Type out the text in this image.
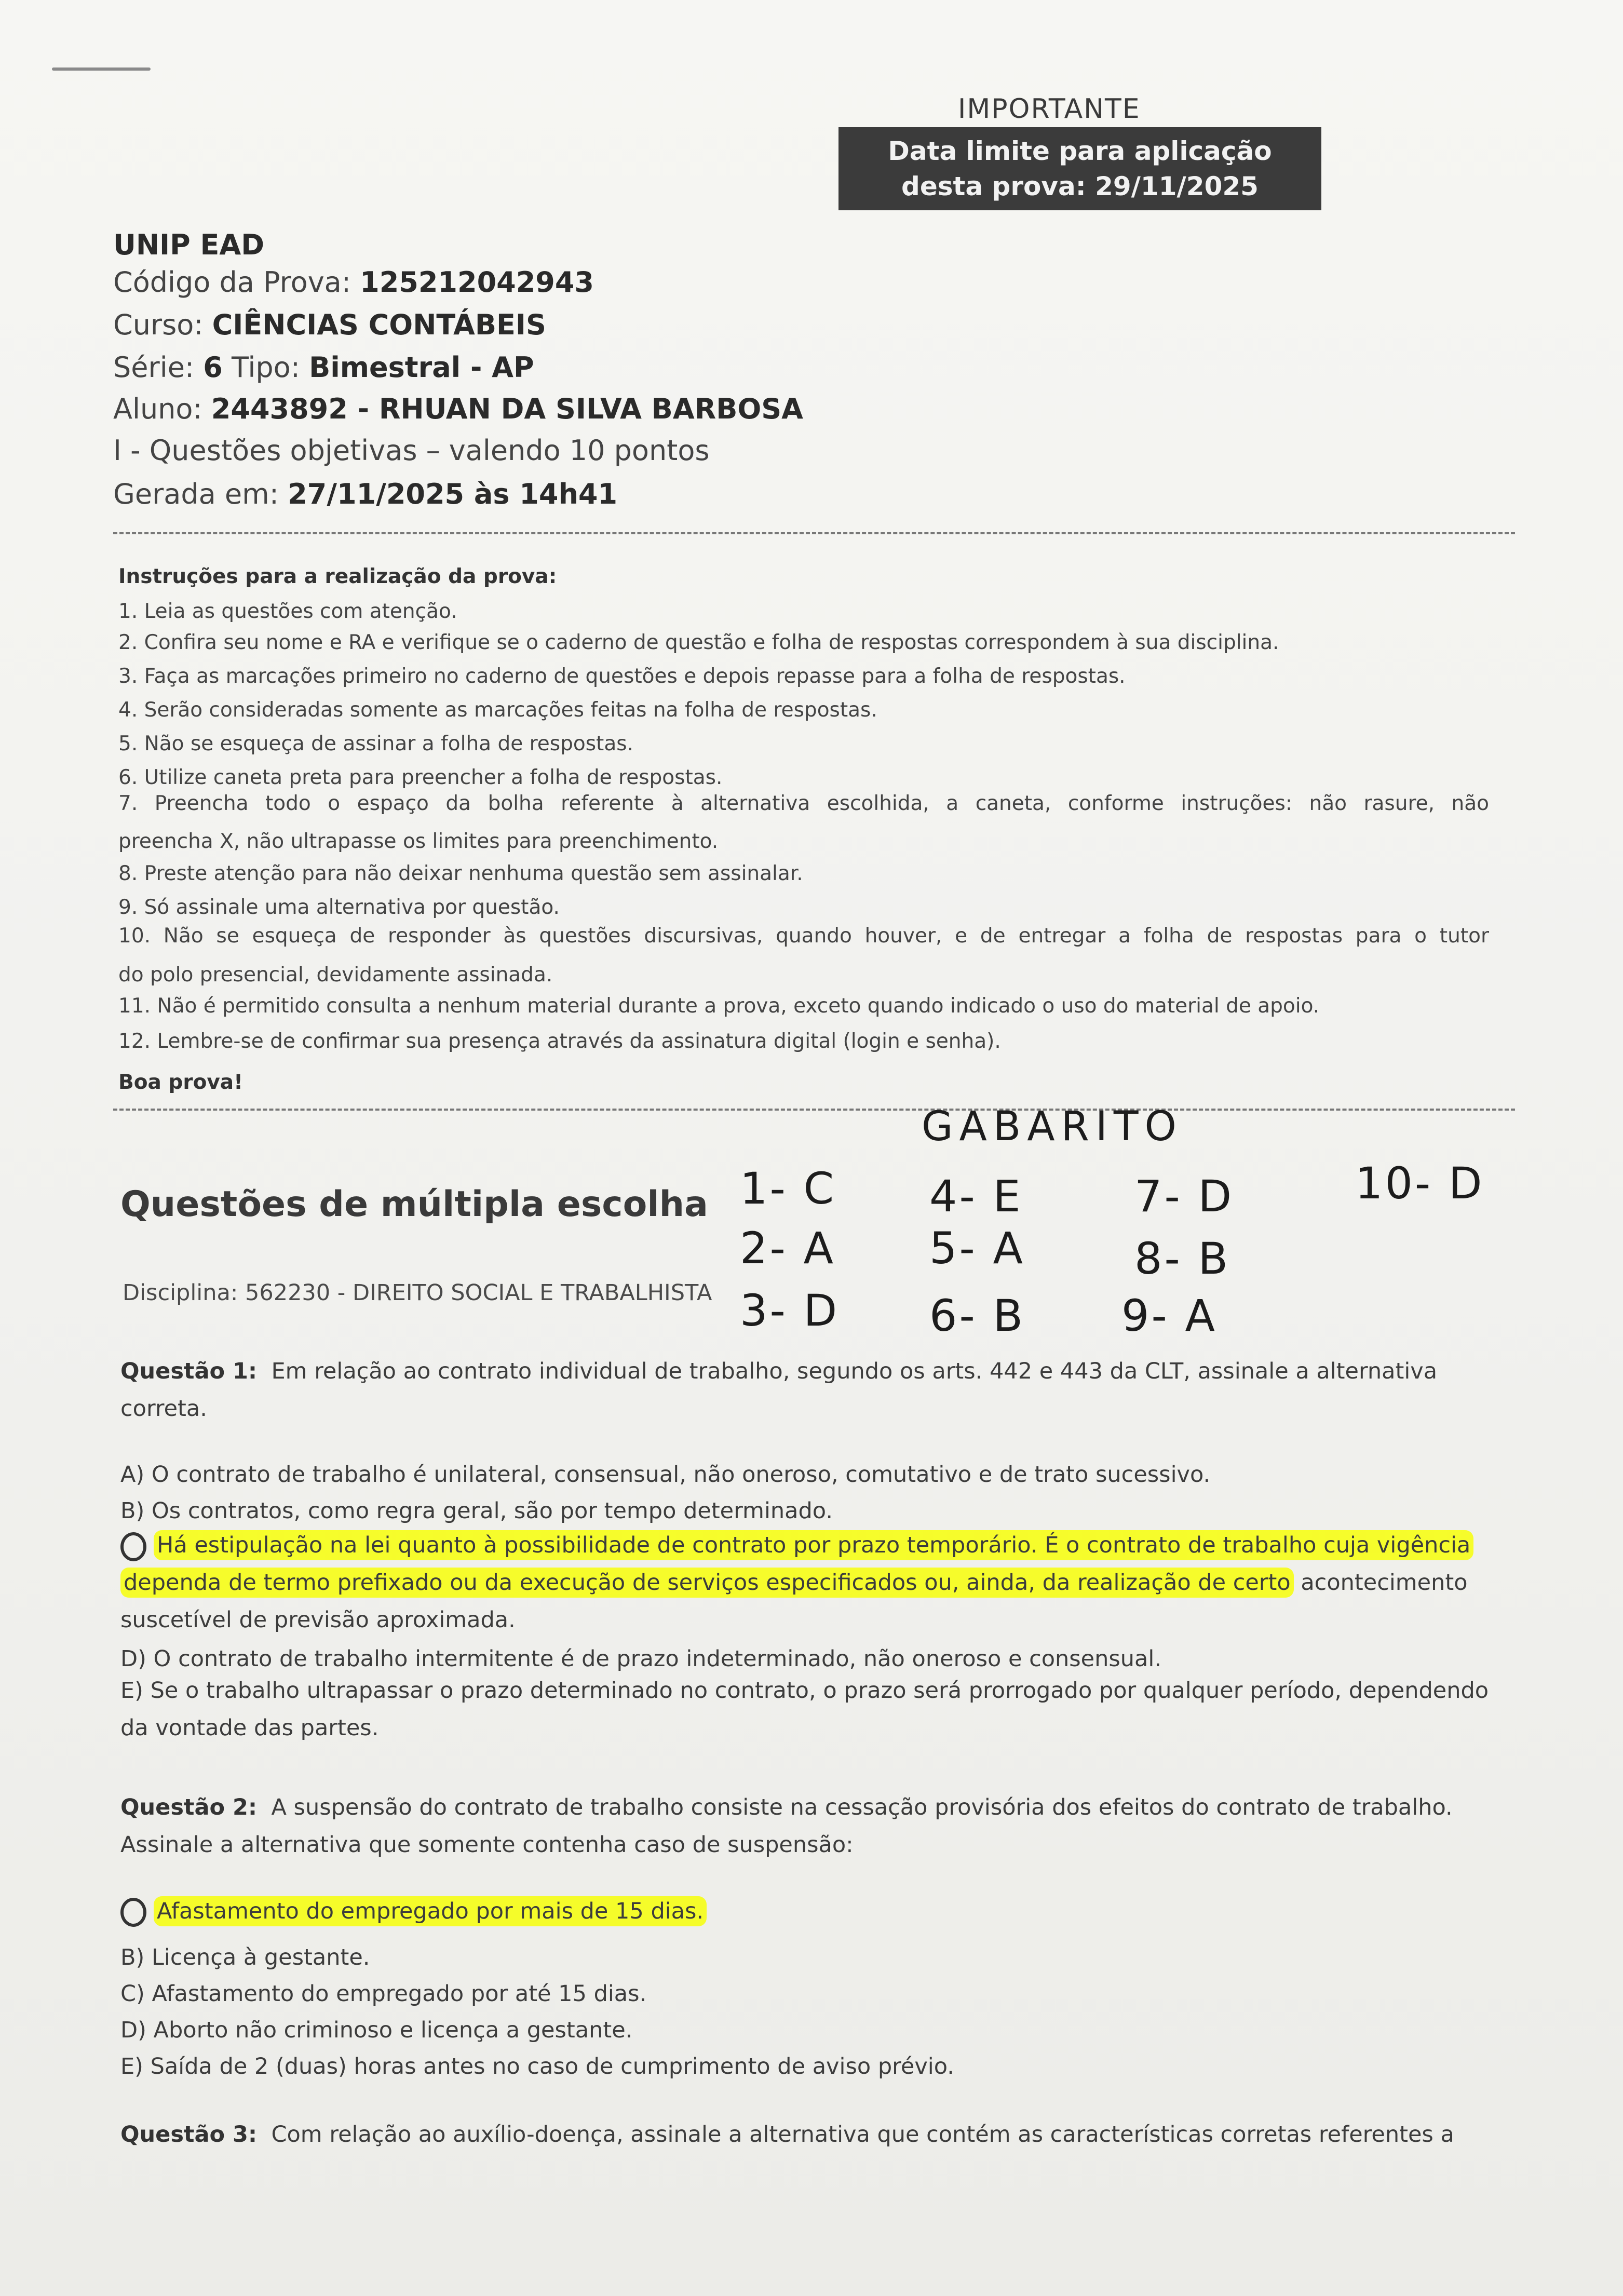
IMPORTANTE
Data limite para aplicação
desta prova: 29/11/2025
UNIP EAD
Código da Prova: 125212042943
Curso: CIÊNCIAS CONTÁBEIS
Série: 6 Tipo: Bimestral - AP
Aluno: 2443892 - RHUAN DA SILVA BARBOSA
I - Questões objetivas – valendo 10 pontos
Gerada em: 27/11/2025 às 14h41
Instruções para a realização da prova:
1. Leia as questões com atenção.
2. Confira seu nome e RA e verifique se o caderno de questão e folha de respostas correspondem à sua disciplina.
3. Faça as marcações primeiro no caderno de questões e depois repasse para a folha de respostas.
4. Serão consideradas somente as marcações feitas na folha de respostas.
5. Não se esqueça de assinar a folha de respostas.
6. Utilize caneta preta para preencher a folha de respostas.
7. Preencha todo o espaço da bolha referente à alternativa escolhida, a caneta, conforme instruções: não rasure, não
preencha X, não ultrapasse os limites para preenchimento.
8. Preste atenção para não deixar nenhuma questão sem assinalar.
9. Só assinale uma alternativa por questão.
10. Não se esqueça de responder às questões discursivas, quando houver, e de entregar a folha de respostas para o tutor
do polo presencial, devidamente assinada.
11. Não é permitido consulta a nenhum material durante a prova, exceto quando indicado o uso do material de apoio.
12. Lembre-se de confirmar sua presença através da assinatura digital (login e senha).
Boa prova!
GABARITO
1- C
2- A
3- D
4- E
5- A
6- B
7- D
8- B
9- A
10- D
Questões de múltipla escolha
Disciplina: 562230 - DIREITO SOCIAL E TRABALHISTA
Questão 1: Em relação ao contrato individual de trabalho, segundo os arts. 442 e 443 da CLT, assinale a alternativa correta.
A) O contrato de trabalho é unilateral, consensual, não oneroso, comutativo e de trato sucessivo.
B) Os contratos, como regra geral, são por tempo determinado.
Há estipulação na lei quanto à possibilidade de contrato por prazo temporário. É o contrato de trabalho cuja vigência dependa de termo prefixado ou da execução de serviços especificados ou, ainda, da realização de certo acontecimento suscetível de previsão aproximada.
D) O contrato de trabalho intermitente é de prazo indeterminado, não oneroso e consensual.
E) Se o trabalho ultrapassar o prazo determinado no contrato, o prazo será prorrogado por qualquer período, dependendo da vontade das partes.
Questão 2: A suspensão do contrato de trabalho consiste na cessação provisória dos efeitos do contrato de trabalho. Assinale a alternativa que somente contenha caso de suspensão:
Afastamento do empregado por mais de 15 dias.
B) Licença à gestante.
C) Afastamento do empregado por até 15 dias.
D) Aborto não criminoso e licença a gestante.
E) Saída de 2 (duas) horas antes no caso de cumprimento de aviso prévio.
Questão 3: Com relação ao auxílio-doença, assinale a alternativa que contém as características corretas referentes a
